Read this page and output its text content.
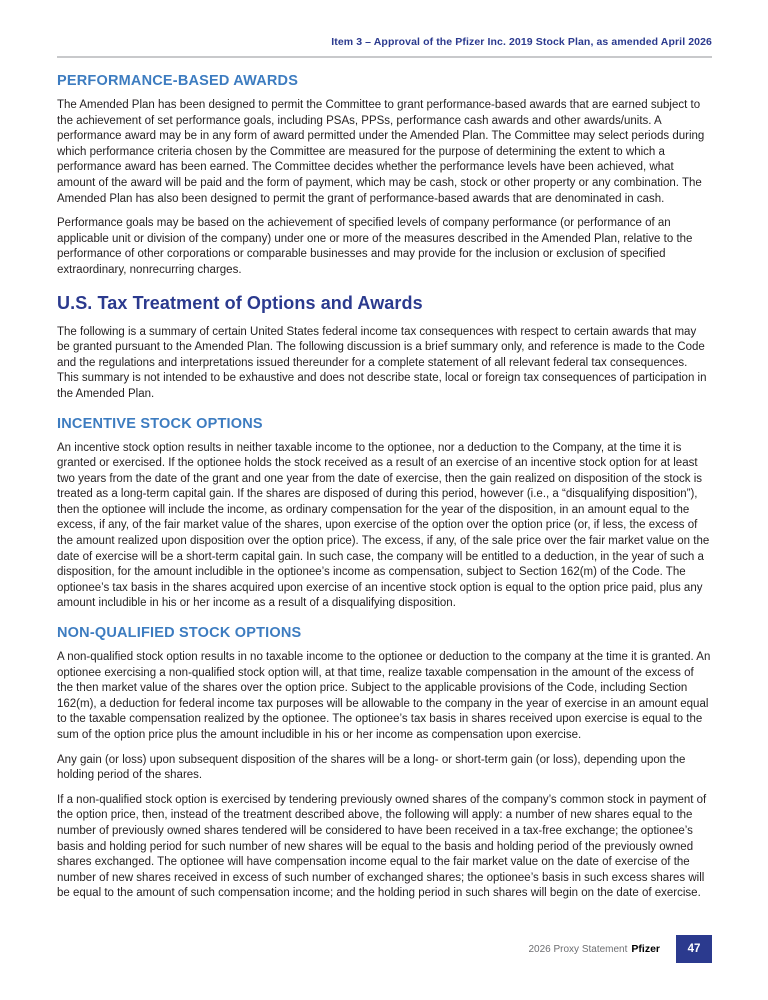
Item 3 – Approval of the Pfizer Inc. 2019 Stock Plan, as amended April 2026
PERFORMANCE-BASED AWARDS

The Amended Plan has been designed to permit the Committee to grant performance-based awards that are earned subject to the achievement of set performance goals, including PSAs, PPSs, performance cash awards and other awards/units. A performance award may be in any form of award permitted under the Amended Plan. The Committee may select periods during which performance criteria chosen by the Committee are measured for the purpose of determining the extent to which a performance award has been earned. The Committee decides whether the performance levels have been achieved, what amount of the award will be paid and the form of payment, which may be cash, stock or other property or any combination. The Amended Plan has also been designed to permit the grant of performance-based awards that are denominated in cash.

Performance goals may be based on the achievement of specified levels of company performance (or performance of an applicable unit or division of the company) under one or more of the measures described in the Amended Plan, relative to the performance of other corporations or comparable businesses and may provide for the inclusion or exclusion of specified extraordinary, nonrecurring charges.

U.S. Tax Treatment of Options and Awards

The following is a summary of certain United States federal income tax consequences with respect to certain awards that may be granted pursuant to the Amended Plan. The following discussion is a brief summary only, and reference is made to the Code and the regulations and interpretations issued thereunder for a complete statement of all relevant federal tax consequences. This summary is not intended to be exhaustive and does not describe state, local or foreign tax consequences of participation in the Amended Plan.

INCENTIVE STOCK OPTIONS

An incentive stock option results in neither taxable income to the optionee, nor a deduction to the Company, at the time it is granted or exercised. If the optionee holds the stock received as a result of an exercise of an incentive stock option for at least two years from the date of the grant and one year from the date of exercise, then the gain realized on disposition of the stock is treated as a long-term capital gain. If the shares are disposed of during this period, however (i.e., a “disqualifying disposition”), then the optionee will include the income, as ordinary compensation for the year of the disposition, in an amount equal to the excess, if any, of the fair market value of the shares, upon exercise of the option over the option price (or, if less, the excess of the amount realized upon disposition over the option price). The excess, if any, of the sale price over the fair market value on the date of exercise will be a short-term capital gain. In such case, the company will be entitled to a deduction, in the year of such a disposition, for the amount includible in the optionee’s income as compensation, subject to Section 162(m) of the Code. The optionee’s tax basis in the shares acquired upon exercise of an incentive stock option is equal to the option price paid, plus any amount includible in his or her income as a result of a disqualifying disposition.

NON-QUALIFIED STOCK OPTIONS

A non-qualified stock option results in no taxable income to the optionee or deduction to the company at the time it is granted. An optionee exercising a non-qualified stock option will, at that time, realize taxable compensation in the amount of the excess of the then market value of the shares over the option price. Subject to the applicable provisions of the Code, including Section 162(m), a deduction for federal income tax purposes will be allowable to the company in the year of exercise in an amount equal to the taxable compensation realized by the optionee. The optionee’s tax basis in shares received upon exercise is equal to the sum of the option price plus the amount includible in his or her income as compensation upon exercise.

Any gain (or loss) upon subsequent disposition of the shares will be a long- or short-term gain (or loss), depending upon the holding period of the shares.

If a non-qualified stock option is exercised by tendering previously owned shares of the company’s common stock in payment of the option price, then, instead of the treatment described above, the following will apply: a number of new shares equal to the number of previously owned shares tendered will be considered to have been received in a tax-free exchange; the optionee’s basis and holding period for such number of new shares will be equal to the basis and holding period of the previously owned shares exchanged. The optionee will have compensation income equal to the fair market value on the date of exercise of the number of new shares received in excess of such number of exchanged shares; the optionee’s basis in such excess shares will be equal to the amount of such compensation income; and the holding period in such shares will begin on the date of exercise.

2026 Proxy Statement Pfizer	47
